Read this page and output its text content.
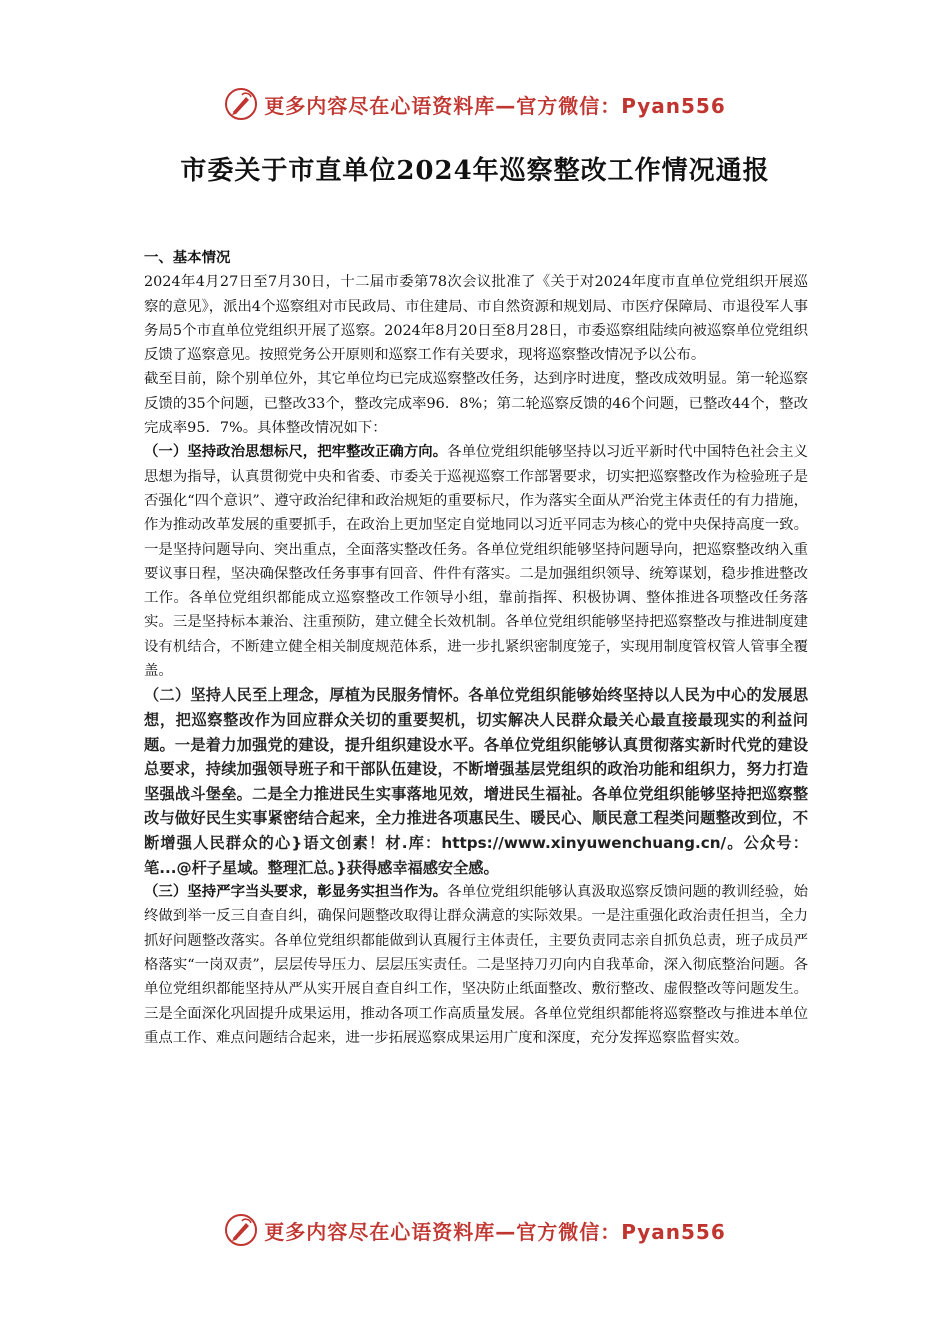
更多内容尽在心语资料库—官方微信：Pyan556
市委关于市直单位2024年巡察整改工作情况通报

一、基本情况

2024年4月27日至7月30日，十二届市委第78次会议批准了《关于对2024年度市直单位党组织开展巡察的意见》，派出4个巡察组对市民政局、市住建局、市自然资源和规划局、市医疗保障局、市退役军人事务局5个市直单位党组织开展了巡察。2024年8月20日至8月28日，市委巡察组陆续向被巡察单位党组织反馈了巡察意见。按照党务公开原则和巡察工作有关要求，现将巡察整改情况予以公布。

截至目前，除个别单位外，其它单位均已完成巡察整改任务，达到序时进度，整改成效明显。第一轮巡察反馈的35个问题，已整改33个，整改完成率96．8%；第二轮巡察反馈的46个问题，已整改44个，整改完成率95．7%。具体整改情况如下：

（一）坚持政治思想标尺，把牢整改正确方向。各单位党组织能够坚持以习近平新时代中国特色社会主义思想为指导，认真贯彻党中央和省委、市委关于巡视巡察工作部署要求，切实把巡察整改作为检验班子是否强化“四个意识”、遵守政治纪律和政治规矩的重要标尺，作为落实全面从严治党主体责任的有力措施，作为推动改革发展的重要抓手，在政治上更加坚定自觉地同以习近平同志为核心的党中央保持高度一致。一是坚持问题导向、突出重点，全面落实整改任务。各单位党组织能够坚持问题导向，把巡察整改纳入重要议事日程，坚决确保整改任务事事有回音、件件有落实。二是加强组织领导、统筹谋划，稳步推进整改工作。各单位党组织都能成立巡察整改工作领导小组，靠前指挥、积极协调、整体推进各项整改任务落实。三是坚持标本兼治、注重预防，建立健全长效机制。各单位党组织能够坚持把巡察整改与推进制度建设有机结合，不断建立健全相关制度规范体系，进一步扎紧织密制度笼子，实现用制度管权管人管事全覆盖。

（二）坚持人民至上理念，厚植为民服务情怀。各单位党组织能够始终坚持以人民为中心的发展思想，把巡察整改作为回应群众关切的重要契机，切实解决人民群众最关心最直接最现实的利益问题。一是着力加强党的建设，提升组织建设水平。各单位党组织能够认真贯彻落实新时代党的建设总要求，持续加强领导班子和干部队伍建设，不断增强基层党组织的政治功能和组织力，努力打造坚强战斗堡垒。二是全力推进民生实事落地见效，增进民生福祉。各单位党组织能够坚持把巡察整改与做好民生实事紧密结合起来，全力推进各项惠民生、暖民心、顺民意工程类问题整改到位，不断增强人民群众的心}语文创素！材.库：https://www.xinyuwenchuang.cn/。公众号：笔...@杆子星域。整理汇总。}获得感幸福感安全感。

（三）坚持严字当头要求，彰显务实担当作为。各单位党组织能够认真汲取巡察反馈问题的教训经验，始终做到举一反三自查自纠，确保问题整改取得让群众满意的实际效果。一是注重强化政治责任担当，全力抓好问题整改落实。各单位党组织都能做到认真履行主体责任，主要负责同志亲自抓负总责，班子成员严格落实“一岗双责”，层层传导压力、层层压实责任。二是坚持刀刃向内自我革命，深入彻底整治问题。各单位党组织都能坚持从严从实开展自查自纠工作，坚决防止纸面整改、敷衍整改、虚假整改等问题发生。三是全面深化巩固提升成果运用，推动各项工作高质量发展。各单位党组织都能将巡察整改与推进本单位重点工作、难点问题结合起来，进一步拓展巡察成果运用广度和深度，充分发挥巡察监督实效。

更多内容尽在心语资料库—官方微信：Pyan556
